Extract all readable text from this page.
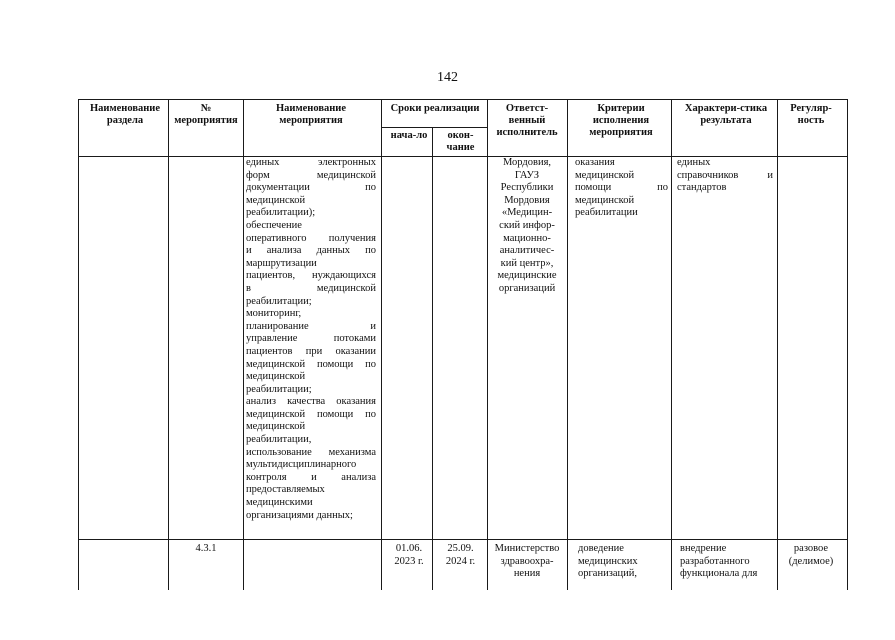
142
Наименование раздела
№ мероприятия
Наименование мероприятия
Сроки реализации
нача-ло	окон-чание
Ответст-венный исполнитель
Критерии исполнения мероприятия
Характери-стика результата
Регуляр-ность
единых электронных
форм медицинской
документации по
медицинской
реабилитации);
обеспечение
оперативного получения
и анализа данных по
маршрутизации
пациентов, нуждающихся
в медицинской
реабилитации;
мониторинг,
планирование и
управление потоками
пациентов при оказании
медицинской помощи по
медицинской
реабилитации;
анализ качества оказания
медицинской помощи по
медицинской
реабилитации,
использование механизма
мультидисциплинарного
контроля и анализа
предоставляемых
медицинскими
организациями данных;
Мордовия,
ГАУЗ
Республики
Мордовия
«Медицин-
ский инфор-
мационно-
аналитичес-
кий центр»,
медицинские
организаций
оказания
медицинской
помощи по
медицинской
реабилитации
единых
справочников и
стандартов
4.3.1	01.06.
2023 г.
25.09.
2024 г.
Министерство
здравоохра-
нения
доведение
медицинских
организаций,
внедрение
разработанного
функционала для
разовое
(делимое)
